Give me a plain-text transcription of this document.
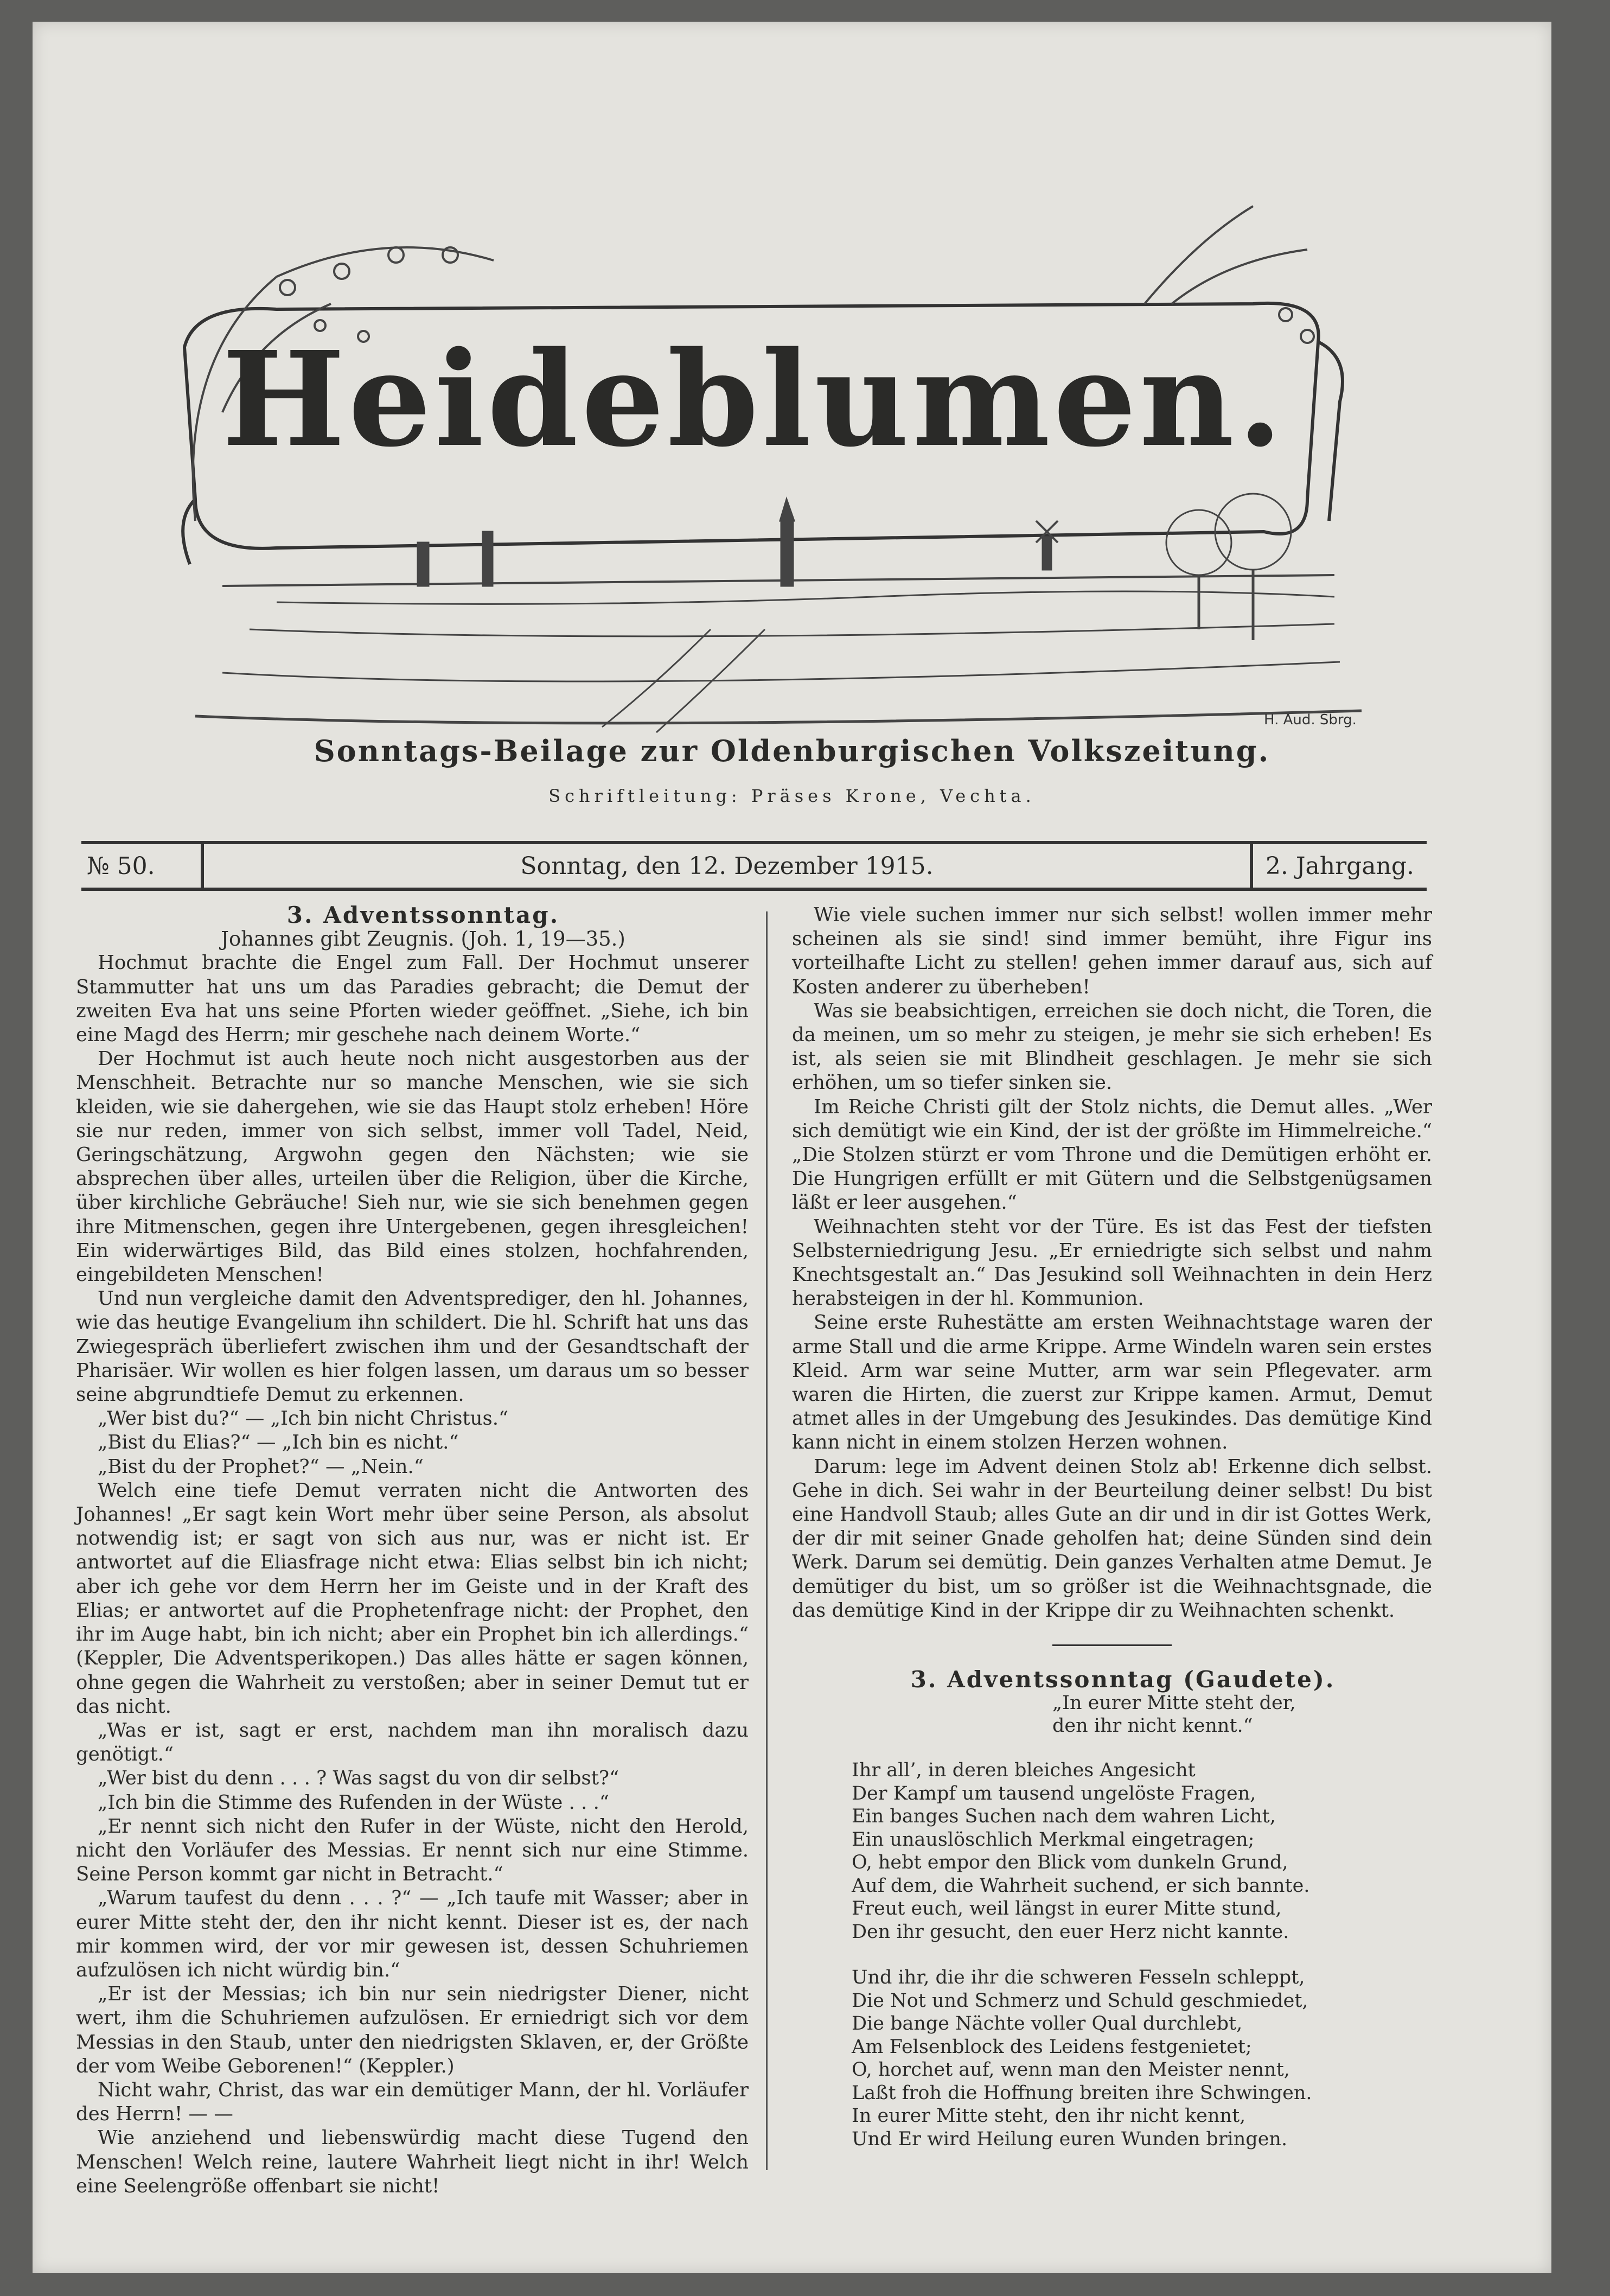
Heideblumen.
H. Aud. Sbrg.
Sonntags-Beilage zur Oldenburgischen Volkszeitung.
Schriftleitung: Präses Krone, Vechta.
№ 50.	Sonntag, den 12. Dezember 1915.	2. Jahrgang.

3. Adventssonntag.

Johannes gibt Zeugnis. (Joh. 1, 19—35.)

Hochmut brachte die Engel zum Fall. Der Hochmut unserer Stammutter hat uns um das Paradies gebracht; die Demut der zweiten Eva hat uns seine Pforten wieder geöffnet. „Siehe, ich bin eine Magd des Herrn; mir geschehe nach deinem Worte.“

Der Hochmut ist auch heute noch nicht ausgestorben aus der Menschheit. Betrachte nur so manche Menschen, wie sie sich kleiden, wie sie dahergehen, wie sie das Haupt stolz erheben! Höre sie nur reden, immer von sich selbst, immer voll Tadel, Neid, Geringschätzung, Argwohn gegen den Nächsten; wie sie absprechen über alles, urteilen über die Religion, über die Kirche, über kirchliche Gebräuche! Sieh nur, wie sie sich benehmen gegen ihre Mitmenschen, gegen ihre Untergebenen, gegen ihresgleichen! Ein widerwärtiges Bild, das Bild eines stolzen, hochfahrenden, eingebildeten Menschen!

Und nun vergleiche damit den Adventsprediger, den hl. Johannes, wie das heutige Evangelium ihn schildert. Die hl. Schrift hat uns das Zwiegespräch überliefert zwischen ihm und der Gesandtschaft der Pharisäer. Wir wollen es hier folgen lassen, um daraus um so besser seine abgrundtiefe Demut zu erkennen.

„Wer bist du?“ — „Ich bin nicht Christus.“

„Bist du Elias?“ — „Ich bin es nicht.“

„Bist du der Prophet?“ — „Nein.“

Welch eine tiefe Demut verraten nicht die Antworten des Johannes! „Er sagt kein Wort mehr über seine Person, als absolut notwendig ist; er sagt von sich aus nur, was er nicht ist. Er antwortet auf die Eliasfrage nicht etwa: Elias selbst bin ich nicht; aber ich gehe vor dem Herrn her im Geiste und in der Kraft des Elias; er antwortet auf die Prophetenfrage nicht: der Prophet, den ihr im Auge habt, bin ich nicht; aber ein Prophet bin ich allerdings.“ (Keppler, Die Adventsperikopen.) Das alles hätte er sagen können, ohne gegen die Wahrheit zu verstoßen; aber in seiner Demut tut er das nicht.

„Was er ist, sagt er erst, nachdem man ihn moralisch dazu genötigt.“

„Wer bist du denn . . . ? Was sagst du von dir selbst?“

„Ich bin die Stimme des Rufenden in der Wüste . . .“

„Er nennt sich nicht den Rufer in der Wüste, nicht den Herold, nicht den Vorläufer des Messias. Er nennt sich nur eine Stimme. Seine Person kommt gar nicht in Betracht.“

„Warum taufest du denn . . . ?“ — „Ich taufe mit Wasser; aber in eurer Mitte steht der, den ihr nicht kennt. Dieser ist es, der nach mir kommen wird, der vor mir gewesen ist, dessen Schuhriemen aufzulösen ich nicht würdig bin.“

„Er ist der Messias; ich bin nur sein niedrigster Diener, nicht wert, ihm die Schuhriemen aufzulösen. Er erniedrigt sich vor dem Messias in den Staub, unter den niedrigsten Sklaven, er, der Größte der vom Weibe Geborenen!“ (Keppler.)

Nicht wahr, Christ, das war ein demütiger Mann, der hl. Vorläufer des Herrn! — —

Wie anziehend und liebenswürdig macht diese Tugend den Menschen! Welch reine, lautere Wahrheit liegt nicht in ihr! Welch eine Seelengröße offenbart sie nicht!

Wie viele suchen immer nur sich selbst! wollen immer mehr scheinen als sie sind! sind immer bemüht, ihre Figur ins vorteilhafte Licht zu stellen! gehen immer darauf aus, sich auf Kosten anderer zu überheben!

Was sie beabsichtigen, erreichen sie doch nicht, die Toren, die da meinen, um so mehr zu steigen, je mehr sie sich erheben! Es ist, als seien sie mit Blindheit geschlagen. Je mehr sie sich erhöhen, um so tiefer sinken sie.

Im Reiche Christi gilt der Stolz nichts, die Demut alles. „Wer sich demütigt wie ein Kind, der ist der größte im Himmelreiche.“ „Die Stolzen stürzt er vom Throne und die Demütigen erhöht er. Die Hungrigen erfüllt er mit Gütern und die Selbstgenügsamen läßt er leer ausgehen.“

Weihnachten steht vor der Türe. Es ist das Fest der tiefsten Selbsterniedrigung Jesu. „Er erniedrigte sich selbst und nahm Knechtsgestalt an.“ Das Jesukind soll Weihnachten in dein Herz herabsteigen in der hl. Kommunion.

Seine erste Ruhestätte am ersten Weihnachtstage waren der arme Stall und die arme Krippe. Arme Windeln waren sein erstes Kleid. Arm war seine Mutter, arm war sein Pflegevater. arm waren die Hirten, die zuerst zur Krippe kamen. Armut, Demut atmet alles in der Umgebung des Jesukindes. Das demütige Kind kann nicht in einem stolzen Herzen wohnen.

Darum: lege im Advent deinen Stolz ab! Erkenne dich selbst. Gehe in dich. Sei wahr in der Beurteilung deiner selbst! Du bist eine Handvoll Staub; alles Gute an dir und in dir ist Gottes Werk, der dir mit seiner Gnade geholfen hat; deine Sünden sind dein Werk. Darum sei demütig. Dein ganzes Verhalten atme Demut. Je demütiger du bist, um so größer ist die Weihnachtsgnade, die das demütige Kind in der Krippe dir zu Weihnachten schenkt.

3. Adventssonntag (Gaudete).

„In eurer Mitte steht der,
den ihr nicht kennt.“
Ihr all’, in deren bleiches Angesicht
Der Kampf um tausend ungelöste Fragen,
Ein banges Suchen nach dem wahren Licht,
Ein unauslöschlich Merkmal eingetragen;
O, hebt empor den Blick vom dunkeln Grund,
Auf dem, die Wahrheit suchend, er sich bannte.
Freut euch, weil längst in eurer Mitte stund,
Den ihr gesucht, den euer Herz nicht kannte.
Und ihr, die ihr die schweren Fesseln schleppt,
Die Not und Schmerz und Schuld geschmiedet,
Die bange Nächte voller Qual durchlebt,
Am Felsenblock des Leidens festgenietet;
O, horchet auf, wenn man den Meister nennt,
Laßt froh die Hoffnung breiten ihre Schwingen.
In eurer Mitte steht, den ihr nicht kennt,
Und Er wird Heilung euren Wunden bringen.
